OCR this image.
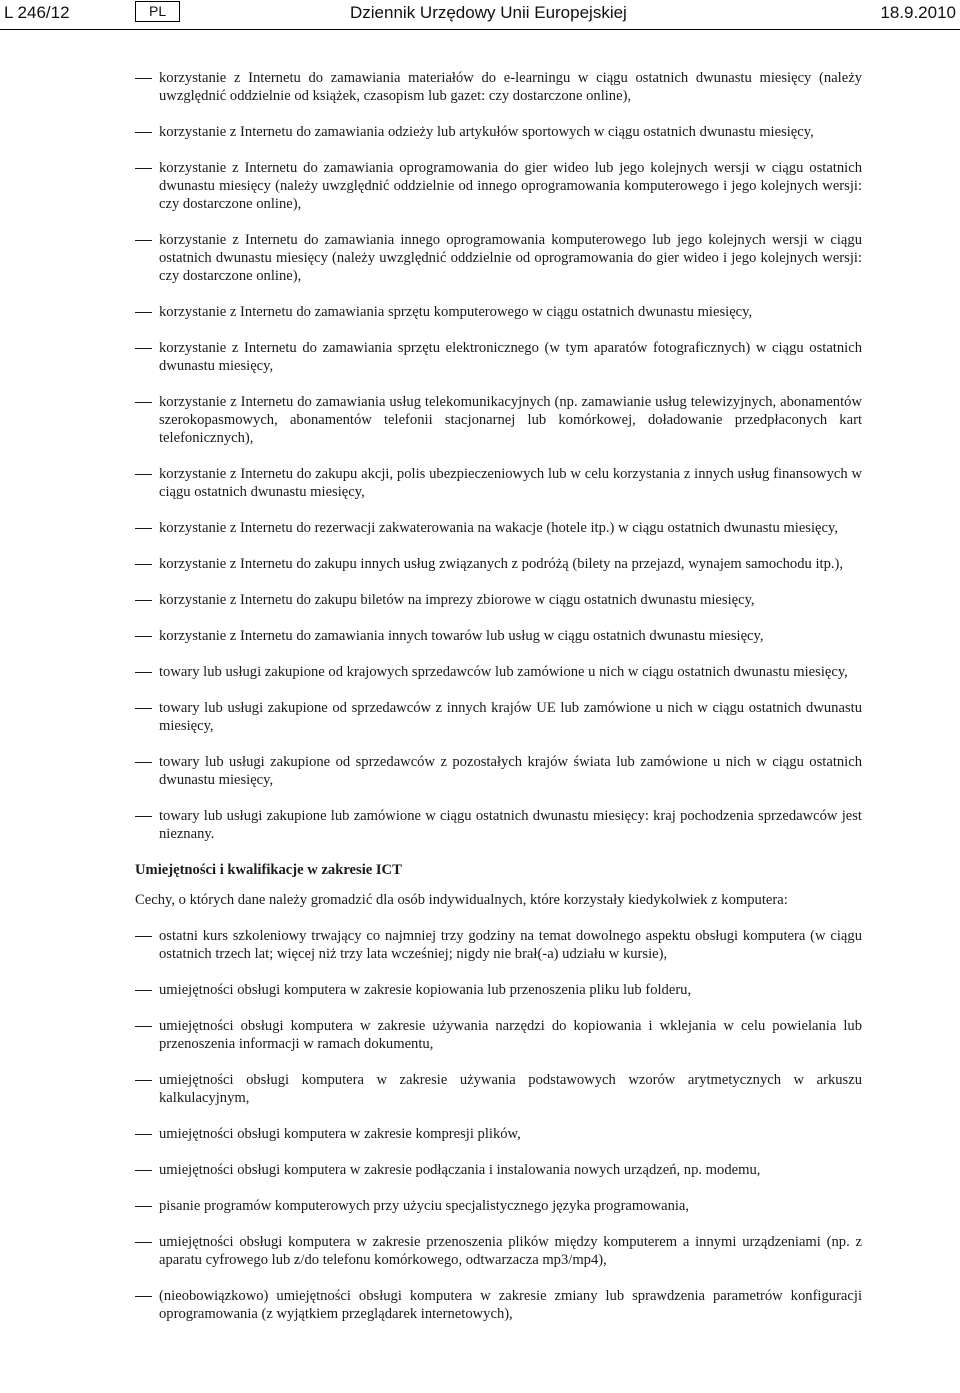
L 246/12	PL	Dziennik Urzędowy Unii Europejskiej	18.9.2010
korzystanie z Internetu do zamawiania materiałów do e-learningu w ciągu ostatnich dwunastu miesięcy (należy uwzględnić oddzielnie od książek, czasopism lub gazet: czy dostarczone online),
korzystanie z Internetu do zamawiania odzieży lub artykułów sportowych w ciągu ostatnich dwunastu miesięcy,
korzystanie z Internetu do zamawiania oprogramowania do gier wideo lub jego kolejnych wersji w ciągu ostatnich dwunastu miesięcy (należy uwzględnić oddzielnie od innego oprogramowania komputerowego i jego kolejnych wersji: czy dostarczone online),
korzystanie z Internetu do zamawiania innego oprogramowania komputerowego lub jego kolejnych wersji w ciągu ostatnich dwunastu miesięcy (należy uwzględnić oddzielnie od oprogramowania do gier wideo i jego kolejnych wersji: czy dostarczone online),
korzystanie z Internetu do zamawiania sprzętu komputerowego w ciągu ostatnich dwunastu miesięcy,
korzystanie z Internetu do zamawiania sprzętu elektronicznego (w tym aparatów fotograficznych) w ciągu ostatnich dwunastu miesięcy,
korzystanie z Internetu do zamawiania usług telekomunikacyjnych (np. zamawianie usług telewizyjnych, abonamentów szerokopasmowych, abonamentów telefonii stacjonarnej lub komórkowej, doładowanie przedpłaconych kart telefonicznych),
korzystanie z Internetu do zakupu akcji, polis ubezpieczeniowych lub w celu korzystania z innych usług finansowych w ciągu ostatnich dwunastu miesięcy,
korzystanie z Internetu do rezerwacji zakwaterowania na wakacje (hotele itp.) w ciągu ostatnich dwunastu miesięcy,
korzystanie z Internetu do zakupu innych usług związanych z podróżą (bilety na przejazd, wynajem samochodu itp.),
korzystanie z Internetu do zakupu biletów na imprezy zbiorowe w ciągu ostatnich dwunastu miesięcy,
korzystanie z Internetu do zamawiania innych towarów lub usług w ciągu ostatnich dwunastu miesięcy,
towary lub usługi zakupione od krajowych sprzedawców lub zamówione u nich w ciągu ostatnich dwunastu miesięcy,
towary lub usługi zakupione od sprzedawców z innych krajów UE lub zamówione u nich w ciągu ostatnich dwunastu miesięcy,
towary lub usługi zakupione od sprzedawców z pozostałych krajów świata lub zamówione u nich w ciągu ostatnich dwunastu miesięcy,
towary lub usługi zakupione lub zamówione w ciągu ostatnich dwunastu miesięcy: kraj pochodzenia sprzedawców jest nieznany.
Umiejętności i kwalifikacje w zakresie ICT
Cechy, o których dane należy gromadzić dla osób indywidualnych, które korzystały kiedykolwiek z komputera:
ostatni kurs szkoleniowy trwający co najmniej trzy godziny na temat dowolnego aspektu obsługi komputera (w ciągu ostatnich trzech lat; więcej niż trzy lata wcześniej; nigdy nie brał(-a) udziału w kursie),
umiejętności obsługi komputera w zakresie kopiowania lub przenoszenia pliku lub folderu,
umiejętności obsługi komputera w zakresie używania narzędzi do kopiowania i wklejania w celu powielania lub przenoszenia informacji w ramach dokumentu,
umiejętności obsługi komputera w zakresie używania podstawowych wzorów arytmetycznych w arkuszu kalkulacyjnym,
umiejętności obsługi komputera w zakresie kompresji plików,
umiejętności obsługi komputera w zakresie podłączania i instalowania nowych urządzeń, np. modemu,
pisanie programów komputerowych przy użyciu specjalistycznego języka programowania,
umiejętności obsługi komputera w zakresie przenoszenia plików między komputerem a innymi urządzeniami (np. z aparatu cyfrowego lub z/do telefonu komórkowego, odtwarzacza mp3/mp4),
(nieobowiązkowo) umiejętności obsługi komputera w zakresie zmiany lub sprawdzenia parametrów konfiguracji oprogramowania (z wyjątkiem przeglądarek internetowych),
